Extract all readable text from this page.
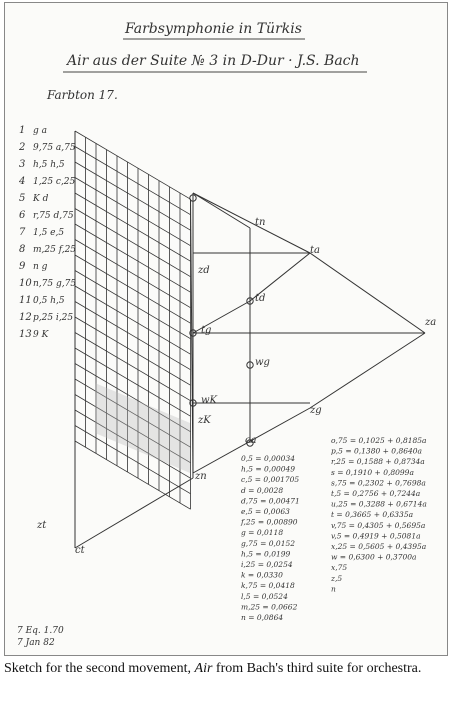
Farbsymphonie in Türkis
Air aus der Suite № 3 in D-Dur · J.S. Bach
Farbton 17.
1 g a
2 9,75 a,75
3 h,5 h,5
4 1,25 c,25
5 K d
6 r,75 d,75
7 1,5 e,5
8 m,25 f,25
9 n g
10 n,75 g,75
11 0,5 h,5
12 p,25 i,25
13 9 K
ta
td
tg
wg
wK
za
zd
zg
zK
zn
zt
ct
tn
ca
0,5 = 0,00034
h,5 = 0,00049
c,5 = 0,001705
d = 0,0028
d,75 = 0,00471
e,5 = 0,0063
f,25 = 0,00890
g = 0,0118
g,75 = 0,0152
h,5 = 0,0199
i,25 = 0,0254
k = 0,0330
k,75 = 0,0418
l,5 = 0,0524
m,25 = 0,0662
n = 0,0864
o,75 = 0,1025 + 0,8185a
p,5 = 0,1380 + 0,8640a
r,25 = 0,1588 + 0,8734a
s = 0,1910 + 0,8099a
s,75 = 0,2302 + 0,7698a
t,5 = 0,2756 + 0,7244a
u,25 = 0,3288 + 0,6714a
t = 0,3665 + 0,6335a
v,75 = 0,4305 + 0,5695a
v,5 = 0,4919 + 0,5081a
x,25 = 0,5605 + 0,4395a
w = 0,6300 + 0,3700a
x,75
z,5
n
7 Eq. 1.70
7 Jan 82
Sketch for the second movement, Air from Bach's third suite for orchestra.
